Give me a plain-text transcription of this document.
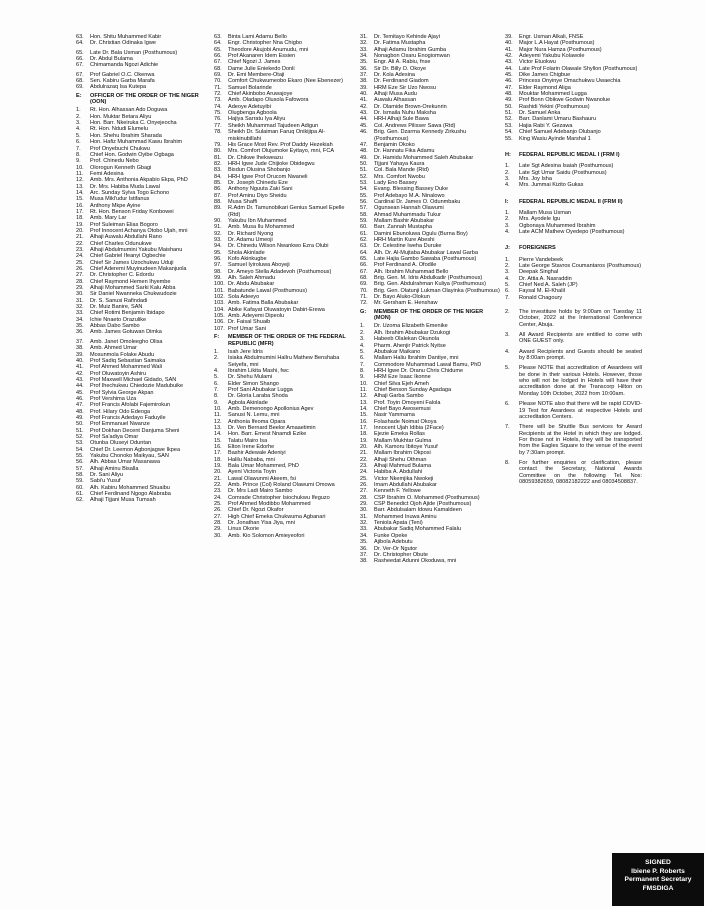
63.	Hon. Shitu Muhammed Kabir
64.	Dr. Christian Odinaka Igwe
65.	Late Dr. Bala Usman (Posthumous)
66.	Dr. Abdul Bulama
67.	Chimamanda Ngozi Adichie
67.	Prof Gabriel O.C. Okenwa
68.	Sen. Kabiru Garba Marafa
69.	Abdulrazaq Isa Kutepa
E:	OFFICER OF THE ORDER OF THE NIGER (OON)
1.	Rt. Hon. Alhassan Ado Doguwa
2.	Hon. Muktar Betara Aliyu
3.	Hon. Barr. Nkeiruka C. Onyejeocha
4.	Rt. Hon. Ndudi Elumelu
5.	Hon. Shehu Ibrahim Sharada
6.	Hon. Hafiz Muhammad Kawu Ibrahim
7.	Prof Onyebuchi Chukwu
8.	Chief Hon. Godwin Oyibe Ogbaga
9.	Prof. Chinedu Nebo
10.	Olorogun Kenneth Gbagi
11.	Femi Adesina
12.	Amb. Mrs. Anthonia Akpabio Ekpa, PhD
13.	Dr. Mrs. Habiba Muda Lawal
14.	Arc. Sunday Sylva Togo Echono
15.	Musa Mikl'udur Istifanus
16.	Anthony Mkpe Ayine
17.	Rt. Hon. Benson Friday Konbowei
18.	Amb. Mary Lar
19.	Prof Suleiman Elias Bogoro
20.	Prof Innocent Achanya Otobo Ujah, mni
21.	Alhaji Auwalu Abdullahi Rano
22.	Chief Charles Odunukwe
23.	Alhaji Abdulmumini Yakubu Maishanu
24.	Chief Gabriel Ifeanyi Ogbechie
25.	Chief Sir James Uzochukwu Uduji
26.	Chief Aderemi Muyinudeen Makanjuola
27.	Dr. Christopher C. Edordu
28.	Chief Raymond Hemen Ihyembe
29.	Alhaji Mohammed Sarki Kalu Abba
30.	Sir Daniel Nwanneka Chukwudozie
31.	Dr. S. Sanusi Rafindadi
32.	Dr. Muiz Banire, SAN
33.	Chief Rotimi Benjamin Ibidapo
34.	Ichie Nnaeto Orazulike
35.	Abbas Dabo Sambo
36.	Amb. James Gotuwan Dimka
37.	Amb. Janet Omoleegho Olisa
38.	Amb. Ahmed Umar
39.	Mosunmola Folake Abudu
40.	Prof Sadiq Sebastian Saimaka
41.	Prof Ahmed Mohammed Wali
42.	Prof Oluwatoyin Ashiru
43.	Prof Maxwell Michael Gidado, SAN
44.	Prof Ihechukwu Chiedozie Madubuike
45.	Prof Sylvia George Akpan
46.	Prof Vershima Uza
47.	Prof Francis Afolabi Fajemirokun
48.	Prof. Hilary Odo Edeoga
49.	Prof Francis Adedayo Faduyile
50.	Prof Emmanuel Nwanze
51.	Prof Dokhan Decent Danjuma Sheni
52.	Prof Sa'adiya Omar
53.	Otunba Oluseyi Oduntan
54.	Chief Dr. Leemon Agbonjagwe Ikpea
55.	Yakubu Chonoko Maikyau, SAN
56.	Alh. Abbas Umar Masanawa
57.	Alhaji Aminu Bisalla
58.	Dr. Sani Aliyu
59.	Sabi'u Yusuf
60.	Alh. Kabiru Mohammed Shuaibu
61.	Chief Ferdinand Ngogo Alabraba
62.	Alhaji Tijjani Musa Tumsah
63.	Binta Lami Adamu Bello
64.	Engr. Christopher Nna Chigbo
65.	Theodore Akujobi Anumudu, mni
66.	Prof Akanaren Idem Essien
67.	Chief Ngozi J. James
68.	Dame Julie Eniekedo Donli
69.	Dr. Emi Membere-Otaji
70.	Comfort Chukwumeobo Ekaro (Nee Ebenezer)
71.	Samuel Bolarinde
72.	Chief Akinbobo Aruwajoye
73.	Amb. Oladapo Olusola Fafowora
74.	Adeoye Adetuyibi
75.	Olugbenga Agboola
76.	Hajiya Sarratu Iya Aliyu
77.	Sheikh Muhammad Tajudeen Adigun
78.	Sheikh Dr. Sulaiman Faruq Onikijipa Al-miskinubillahi
79.	His Grace Most Rev. Prof Daddy Hezekiah
80.	Mrs. Comfort Olujumoke Eyitayo, mni, FCA
81.	Dr. Chikwe Ihekweazu
82.	HRH Igwe Jude Chijioke Obidegwu
83.	Bisdun Olusina Shobanjo
84.	HRH Igwe Prof Orucom Nwaneli
85.	Dr. Joseph Chinedu Eze
86.	Anthony Nguuta Zaki Sani
87.	Prof Aminu Diyo Sheidu
88.	Musa Shaffi
89.	R.Adm Dr. Tamunobikari Genius Samuel Epelle (Rtd)
90.	Yakubu Ibn Muhammed
91.	Amb. Musa Ilu Mohammed
92.	Dr. Richard Nyong
93.	Dr. Adamu Umeoji
94.	Dr. Chinedu Wilson Nwankwo Ezra Olubi
95.	Shola Akinlade
96.	Kofo Akinkugbe
97.	Samuel Iyiroluwa Aboyeji
98.	Dr. Ameyo Stella Adadevoh (Posthumous)
99.	Alh. Saleh Ahmadu
100. Dr. Abdu Abubakar
101. Babatunde Lawal (Posthumous)
102. Sola Adeeyo
103. Amb. Fatima Balla Abubakar
104. Abike Kafayat Oluwatoyin Dabiri-Erewa
105. Amb. Adeyemi Dipeolu
106. Dr. Faisal Shuaib
107. Prof Umar Sani
F:	MEMBER OF THE ORDER OF THE FEDERAL REPUBLIC (MFR)
1.	Isah Jere Idris
2.	Isiaka Abdulmumini Hallru Mathew Benshaba Seiyefa, mni
4.	Ibrahim Likita Mashi, fwc
5.	Dr. Shehu Mulami
6.	Elder Simon Shango
7.	Prof Sani Abubakar Lugga
8.	Dr. Gloria Laraba Shoda
9.	Agbola Akinlade
10.	Amb. Demenongo Apollonius Agev
11.	Sanusi N. Lemu, mni
12.	Anthonia Ifeoma Opara
13.	Dr. Ven Bernard Beelor Amaaetimin
14.	Hon. Barr. Ernest Nnamdi Ezike
15.	Talatu Mairo Isa
16.	Elton Irene Edorhe
17.	Bashir Adewale Adeniyi
18.	Halilu Nababa, mni
19.	Bala Umar Mohammed, PhD
20.	Ayeni Victoria Toyin
21.	Lawal Olawunmi Akeem, fsi
22.	Amb. Prince (Col) Roland Olawumi Omowa
23.	Dr. Mrs Ladi Mairo Sambo
24.	Comrade Christopher Isiochukwu Ifeguzo
25.	Prof Ahmed Modibbo Mohammed
26.	Chief Dr. Ngozi Okafor
27.	High Chief Emeka Chukwuma Agbanari
28.	Dr. Jonathan Yisa Jiya, mni
29.	Linus Okorie
30.	Amb. Kio Solomon Amieyeofori
31.	Dr. Temitayo Kehinde Ajayi
32.	Dr. Fatima Mustapha
33.	Alhaji Adamu Ibrahim Gumba
34.	Nonagbon Osaru Enogiomwan
35.	Engr. Ali A. Rabiu, fnse
36.	Sir Dr. Billy O. Okoye
37.	Dr. Kola Adesina
38.	Dr. Ferdinand Giadom
39.	HRM Eze Sir Uzo Nwosu
40.	Alhaji Musa Audu
41.	Auwalu Alhassan
42.	Dr. Olamide Brown-Orekunrin
43.	Dr. Ismaila Nuhu Maksha
44.	HRH Alhaji Sule Bawa
45.	Col. Andrews Pilisser Sawa (Rtd)
46.	Brig. Gen. Dzarma Kennedy Zirkushu (Posthumous)
47.	Benjamin Okoko
48.	Dr. Hannatu Fika Adamu
49.	Dr. Hamidu Mohammed Saleh Abubakar
50.	Tijjani Yahaya Kaura
51.	Col. Bala Mande (Rtd)
52.	Mrs. Comfort Nwobu
53.	Lady Eno Bassey
54.	Evang. Blessing Bassey Duke
55.	Prof Adebayo M.A. Ninalowo
56.	Cardinal Dr. James O. Odunmbaku
57.	Ogunsean Hannah Olawumi
58.	Ahmad Muhammadu Tukur
59.	Mallam Bashir Abubakar
60.	Barr. Zannah Mustapha
61.	Damini Ebunoluwa Ogulu (Burna Boy)
62.	HRH Martin Kure Abeshi
63.	Dr. Celestine Iweha Duruke
64.	Alh. Dr. Al-Mujtaba Abubakar Lawal Garba
65.	Late Hajia Gambo Sawaba (Posthumous)
66.	Prof Ferdinand A. Ofodile
67.	Alh. Ibrahim Muhammad Bello
68.	Brig. Gen. M. Idris Abdulkadir (Posthumous)
69.	Brig. Gen. Abdulrahman Kuliya (Posthumous)
70.	Brig. Gen. Olatunji Lukman Olayinka (Posthumous)
71.	Dr. Bayo Aluko-Olokun
72.	Mr. Gersham E. Henshaw
G:	MEMBER OF THE ORDER OF THE NIGER (MON)
1.	Dr. Uzoma Elizabeth Emenike
2.	Alh. Ibrahim Abubakar Dzukogi
3.	Habeeb Olalekan Okunola
4.	Pharm. Ahenjir Patrick Nyitse
5.	Abubakar Maikano
6.	Mallam Haliu Ibrahim Dantiye, mni
7.	Commodore Muhammad Lawal Bamu, PhD
8.	HRH Igwe Dr. Oranu Chris Chidume
9.	HRM Eze Isaac Ikonne
10.	Chief Silva Ejeh Ameh
11.	Chief Benson Sunday Agadaga
12.	Alhaji Garba Sambo
13.	Prof. Toyin Omoyeni Falola
14.	Chief Bayo Awosemusi
15.	Nasir Yammama
16.	Folashade Noimat Okoya
17.	Innocent Ujah Idibia (2Face)
18.	Ejezie Emeka Rollas
19.	Mallam Mukhtar Gulma
20.	Alh. Kamoru Ibitoye Yusuf
21.	Mallam Ibrahim Okposi
22.	Alhaji Shehu Othman
23.	Alhaji Mahmud Bulama
24.	Habiba A. Abdullahi
25.	Victor Nkemjika Nwokeji
26.	Imam Abdullahi Abubakar
27.	Kenneth F. Yellowe
28.	CSP Ibrahim O. Mohammed (Posthumous)
29.	CSP Benedict Ojoh Ajide (Posthumous)
30.	Barr. Abdulsalam Idowu Kamaldeen
31.	Mohammed Inuwa Aminu
32.	Teniola Apata (Teni)
33.	Abubakar Sadiq Mohammed Falalu
34.	Funke Opeke
35.	Ajibola Adebutu
36.	Dr. Ver-Or Ngutor
37.	Dr. Christopher Obute
38.	Rasheedat Adunni Okoduwa, mni
39.	Engr. Usman Alkali, FNSE
40.	Major L.A Hayat (Posthumous)
41.	Major Nura Hamza (Posthumous)
42.	Adeyemi Yakubu Kolawole
43.	Victor Etuokwu
44.	Late Prof Folarin Olawale Shyllon (Posthumous)
45.	Dike James Chigbue
46.	Princess Onyinye Omachukwu Uwaechia
47.	Elder Raymond Aliga
48.	Mouktar Mohammed Lugga
49.	Prof Bonn Obikwe Godwin Nwanolue
50.	Rashidi Yekini (Posthumous)
51.	Dr. Samuel Anka
52.	Barr. Danlami Umaru Bashauru
53.	Hajia Rabi Y. Gezawa
54.	Chief Samuel Adebanjo Olubanjo
55.	King Wasiu Ayinde Marshal 1
H:	FEDERAL REPUBLIC MEDAL I (FRM I)
1.	Late Sgt Adesina Isaiah (Posthumous)
2.	Late Sgt Umar Saidu (Posthumous)
3.	Mrs. Joy Isha
4.	Mrs. Jummai Kizito Gukas
I:	FEDERAL REPUBLIC MEDAL II (FRM II)
1.	Mallam Musa Usman
2.	Mrs. Ayodele Igu
3.	Ogbonaya Muhammed Ibrahim
4.	Late ACM Mathew Oyedepo (Posthumous)
J:	FOREIGNERS
1.	Pierre Vandebeek
2.	Late George Stavros Coumantaros (Posthumous)
3.	Deepak Singhal
4.	Dr. Attia A. Nasraddin
5.	Chief Ned A. Saleh (JP)
6.	Faysal M. El-Khalil
7.	Ronald Chagoury
2.	The investiture holds by 9:00am on Tuesday 11 October, 2022 at the International Conference Center, Abuja.
3.	All Award Recipients are entitled to come with ONE GUEST only.
4.	Award Recipients and Guests should be seated by 8:00am prompt.
5.	Please NOTE that accreditation of Awardees will be done in their various Hotels. However, those who will not be lodged in Hotels will have their accreditation done at the Transcorp Hilton on Monday 10th October, 2022 from 10:00am.
6.	Please NOTE also that there will be rapid COVID-19 Test for Awardees at respective Hotels and accreditation Centers.
7.	There will be Shuttle Bus services for Award Recipients at the Hotel in which they are lodged. For those not in Hotels, they will be transported from the Eagles Square to the venue of the event by 7:30am prompt.
8.	For further enquiries or clarification, please contact the Secretary, National Awards Committee on the following Tel. Nos: 08059382659, 08082182222 and 08034508837.
SIGNED
Ibiene P. Roberts
Permanent Secretary
FMSDIGA
